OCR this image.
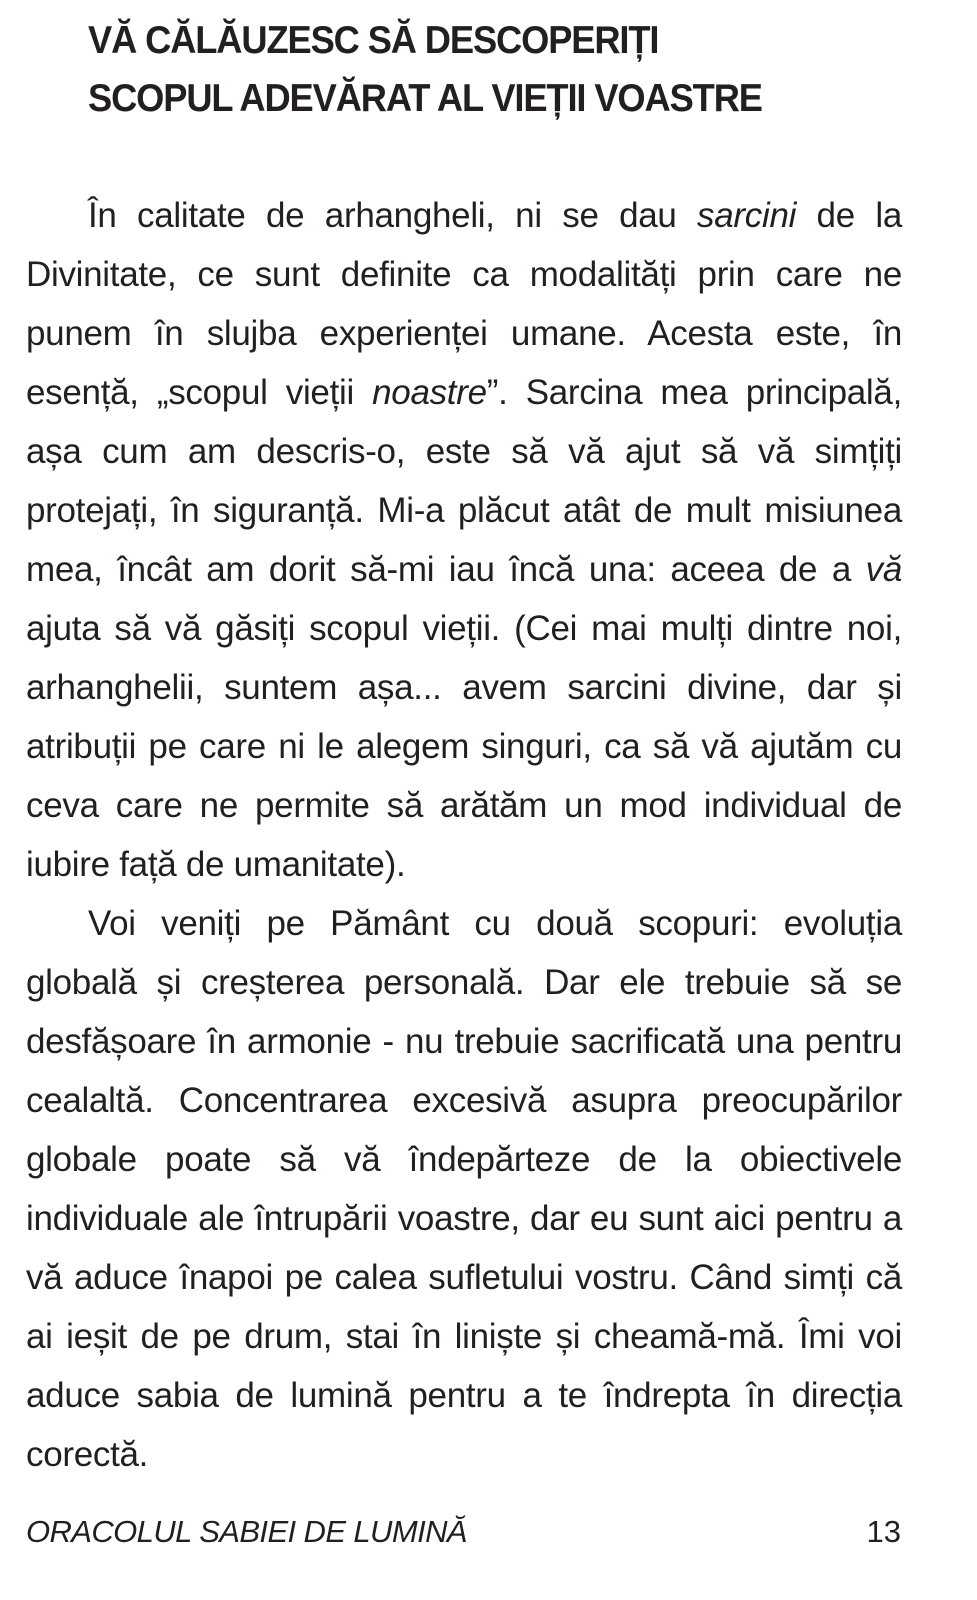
VĂ CĂLĂUZESC SĂ DESCOPERIȚI
SCOPUL ADEVĂRAT AL VIEȚII VOASTRE

În calitate de arhangheli, ni se dau sarcini de la Divinitate, ce sunt definite ca modalități prin care ne punem în slujba experienței umane. Acesta este, în esență, „scopul vieții noastre”. Sarcina mea principală, așa cum am descris-o, este să vă ajut să vă simțiți protejați, în siguranță. Mi-a plăcut atât de mult misiunea mea, încât am dorit să-mi iau încă una: aceea de a vă ajuta să vă găsiți scopul vieții. (Cei mai mulți dintre noi, arhanghelii, suntem așa... avem sarcini divine, dar și atribuții pe care ni le alegem singuri, ca să vă ajutăm cu ceva care ne permite să arătăm un mod individual de iubire față de umanitate).

Voi veniți pe Pământ cu două scopuri: evoluția globală și creșterea personală. Dar ele trebuie să se desfășoare în armonie - nu trebuie sacrificată una pentru cealaltă. Concentrarea excesivă asupra preocupărilor globale poate să vă îndepărteze de la obiectivele individuale ale întrupării voastre, dar eu sunt aici pentru a vă aduce înapoi pe calea sufletului vostru. Când simți că ai ieșit de pe drum, stai în liniște și cheamă-mă. Îmi voi aduce sabia de lumină pentru a te îndrepta în direcția corectă.

ORACOLUL SABIEI DE LUMINĂ	13
